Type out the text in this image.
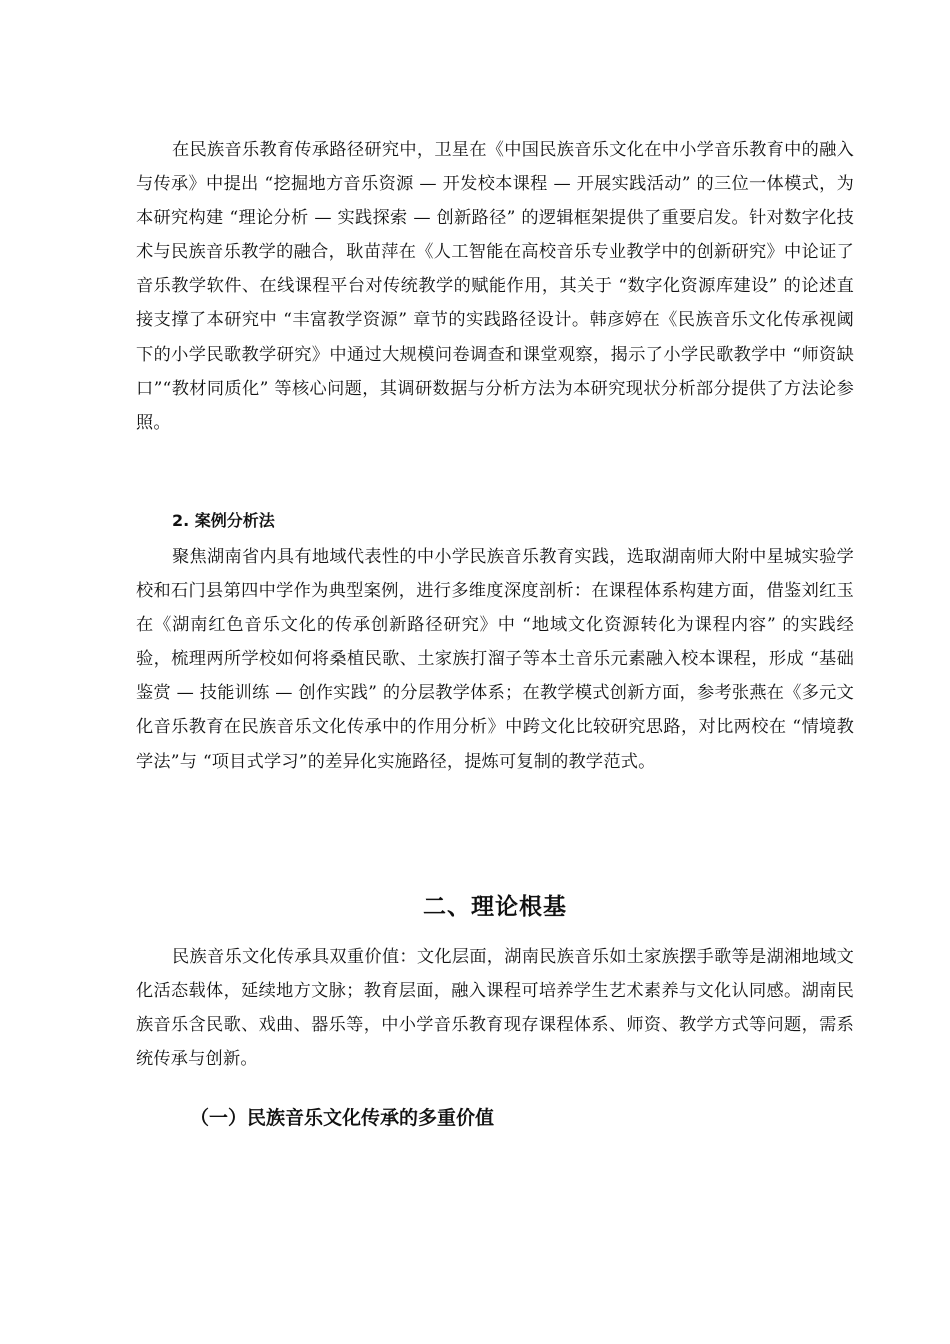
在民族音乐教育传承路径研究中，卫星在《中国民族音乐文化在中小学音乐教育中的融入与传承》中提出 “挖掘地方音乐资源 — 开发校本课程 — 开展实践活动” 的三位一体模式，为本研究构建 “理论分析 — 实践探索 — 创新路径” 的逻辑框架提供了重要启发。针对数字化技术与民族音乐教学的融合，耿苗萍在《人工智能在高校音乐专业教学中的创新研究》中论证了音乐教学软件、在线课程平台对传统教学的赋能作用，其关于 “数字化资源库建设” 的论述直接支撑了本研究中 “丰富教学资源” 章节的实践路径设计。韩彦婷在《民族音乐文化传承视阈下的小学民歌教学研究》中通过大规模问卷调查和课堂观察，揭示了小学民歌教学中 “师资缺口”“教材同质化” 等核心问题，其调研数据与分析方法为本研究现状分析部分提供了方法论参照。

2. 案例分析法

聚焦湖南省内具有地域代表性的中小学民族音乐教育实践，选取湖南师大附中星城实验学校和石门县第四中学作为典型案例，进行多维度深度剖析：在课程体系构建方面，借鉴刘红玉在《湖南红色音乐文化的传承创新路径研究》中 “地域文化资源转化为课程内容” 的实践经验，梳理两所学校如何将桑植民歌、土家族打溜子等本土音乐元素融入校本课程，形成 “基础鉴赏 — 技能训练 — 创作实践” 的分层教学体系；在教学模式创新方面，参考张燕在《多元文化音乐教育在民族音乐文化传承中的作用分析》中跨文化比较研究思路，对比两校在 “情境教学法”与 “项目式学习”的差异化实施路径，提炼可复制的教学范式。

二、理论根基

民族音乐文化传承具双重价值：文化层面，湖南民族音乐如土家族摆手歌等是湖湘地域文化活态载体，延续地方文脉；教育层面，融入课程可培养学生艺术素养与文化认同感。湖南民族音乐含民歌、戏曲、器乐等，中小学音乐教育现存课程体系、师资、教学方式等问题，需系统传承与创新。

（一）民族音乐文化传承的多重价值
